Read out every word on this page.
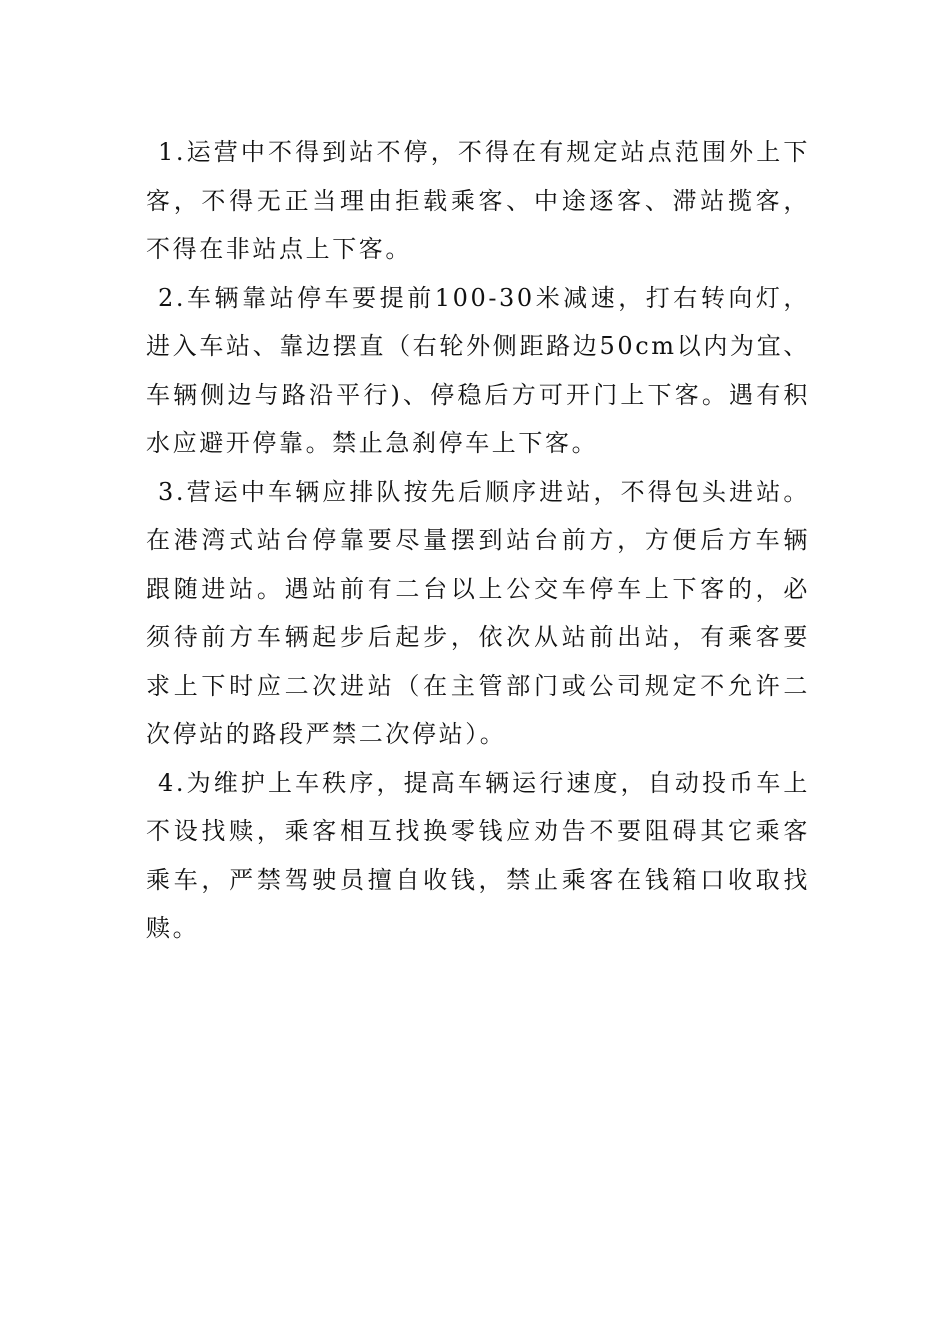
1.运营中不得到站不停，不得在有规定站点范围外上下客，不得无正当理由拒载乘客、中途逐客、滞站揽客，不得在非站点上下客。

2.车辆靠站停车要提前100-30米减速，打右转向灯，进入车站、靠边摆直（右轮外侧距路边50cm以内为宜、车辆侧边与路沿平行)、停稳后方可开门上下客。遇有积水应避开停靠。禁止急刹停车上下客。

3.营运中车辆应排队按先后顺序进站，不得包头进站。在港湾式站台停靠要尽量摆到站台前方，方便后方车辆跟随进站。遇站前有二台以上公交车停车上下客的，必须待前方车辆起步后起步，依次从站前出站，有乘客要求上下时应二次进站（在主管部门或公司规定不允许二次停站的路段严禁二次停站）。

4.为维护上车秩序，提高车辆运行速度，自动投币车上不设找赎，乘客相互找换零钱应劝告不要阻碍其它乘客乘车，严禁驾驶员擅自收钱，禁止乘客在钱箱口收取找赎。
